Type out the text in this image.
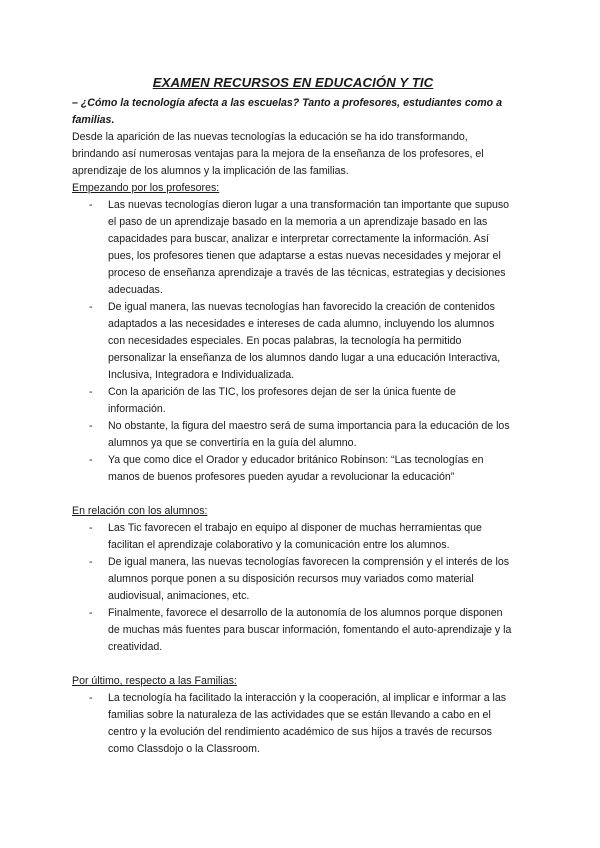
EXAMEN RECURSOS EN EDUCACIÓN Y TIC

– ¿Cómo la tecnología afecta a las escuelas? Tanto a profesores, estudiantes como a familias.

Desde la aparición de las nuevas tecnologías la educación se ha ido transformando, brindando así numerosas ventajas para la mejora de la enseñanza de los profesores, el aprendizaje de los alumnos y la implicación de las familias.

Empezando por los profesores:

- Las nuevas tecnologías dieron lugar a una transformación tan importante que supuso el paso de un aprendizaje basado en la memoria a un aprendizaje basado en las capacidades para buscar, analizar e interpretar correctamente la información. Así pues, los profesores tienen que adaptarse a estas nuevas necesidades y mejorar el proceso de enseñanza aprendizaje a través de las técnicas, estrategias y decisiones adecuadas.
- De igual manera, las nuevas tecnologías han favorecido la creación de contenidos adaptados a las necesidades e intereses de cada alumno, incluyendo los alumnos con necesidades especiales. En pocas palabras, la tecnología ha permitido personalizar la enseñanza de los alumnos dando lugar a una educación Interactiva, Inclusiva, Integradora e Individualizada.
- Con la aparición de las TIC, los profesores dejan de ser la única fuente de información.
- No obstante, la figura del maestro será de suma importancia para la educación de los alumnos ya que se convertiría en la guía del alumno.
- Ya que como dice el Orador y educador británico Robinson: “Las tecnologías en manos de buenos profesores pueden ayudar a revolucionar la educación”

En relación con los alumnos:

- Las Tic favorecen el trabajo en equipo al disponer de muchas herramientas que facilitan el aprendizaje colaborativo y la comunicación entre los alumnos.
- De igual manera, las nuevas tecnologías favorecen la comprensión y el interés de los alumnos porque ponen a su disposición recursos muy variados como material audiovisual, animaciones, etc.
- Finalmente, favorece el desarrollo de la autonomía de los alumnos porque disponen de muchas más fuentes para buscar información, fomentando el auto-aprendizaje y la creatividad.

Por último, respecto a las Familias:

- La tecnología ha facilitado la interacción y la cooperación, al implicar e informar a las familias sobre la naturaleza de las actividades que se están llevando a cabo en el centro y la evolución del rendimiento académico de sus hijos a través de recursos como Classdojo o la Classroom.
